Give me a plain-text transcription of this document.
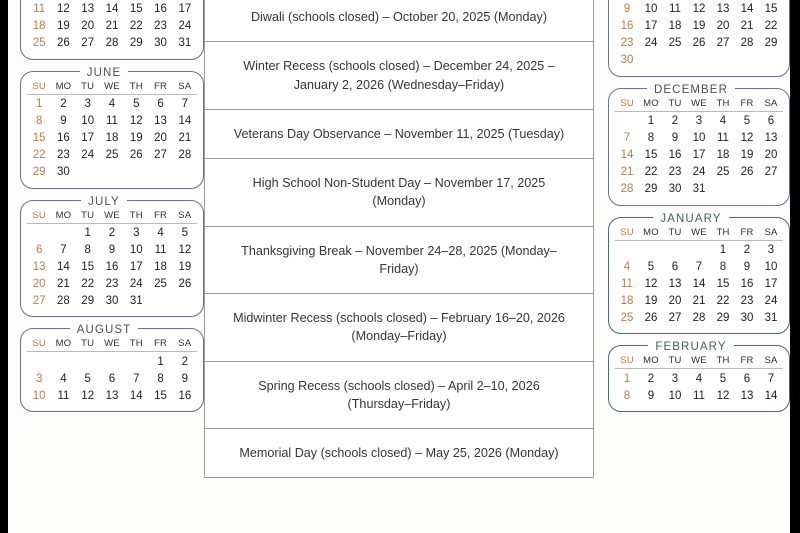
11	12	13	14	15	16	17
18	19	20	21	22	23	24
25	26	27	28	29	30	31
JUNE
SU	MO	TU	WE	TH	FR	SA
1	2	3	4	5	6	7
8	9	10	11	12	13	14
15	16	17	18	19	20	21
22	23	24	25	26	27	28
29	30					
JULY
SU	MO	TU	WE	TH	FR	SA
		1	2	3	4	5
6	7	8	9	10	11	12
13	14	15	16	17	18	19
20	21	22	23	24	25	26
27	28	29	30	31		
AUGUST
SU	MO	TU	WE	TH	FR	SA
					1	2
3	4	5	6	7	8	9
10	11	12	13	14	15	16
Diwali (schools closed) – October 20, 2025 (Monday)
Winter Recess (schools closed) – December 24, 2025 – January 2, 2026 (Wednesday–Friday)
Veterans Day Observance – November 11, 2025 (Tuesday)
High School Non-Student Day – November 17, 2025 (Monday)
Thanksgiving Break – November 24–28, 2025 (Monday–Friday)
Midwinter Recess (schools closed) – February 16–20, 2026 (Monday–Friday)
Spring Recess (schools closed) – April 2–10, 2026 (Thursday–Friday)
Memorial Day (schools closed) – May 25, 2026 (Monday)

9	10	11	12	13	14	15
16	17	18	19	20	21	22
23	24	25	26	27	28	29
30						
DECEMBER
SU	MO	TU	WE	TH	FR	SA
	1	2	3	4	5	6
7	8	9	10	11	12	13
14	15	16	17	18	19	20
21	22	23	24	25	26	27
28	29	30	31			
JANUARY
SU	MO	TU	WE	TH	FR	SA
				1	2	3
4	5	6	7	8	9	10
11	12	13	14	15	16	17
18	19	20	21	22	23	24
25	26	27	28	29	30	31
FEBRUARY
SU	MO	TU	WE	TH	FR	SA
1	2	3	4	5	6	7
8	9	10	11	12	13	14
